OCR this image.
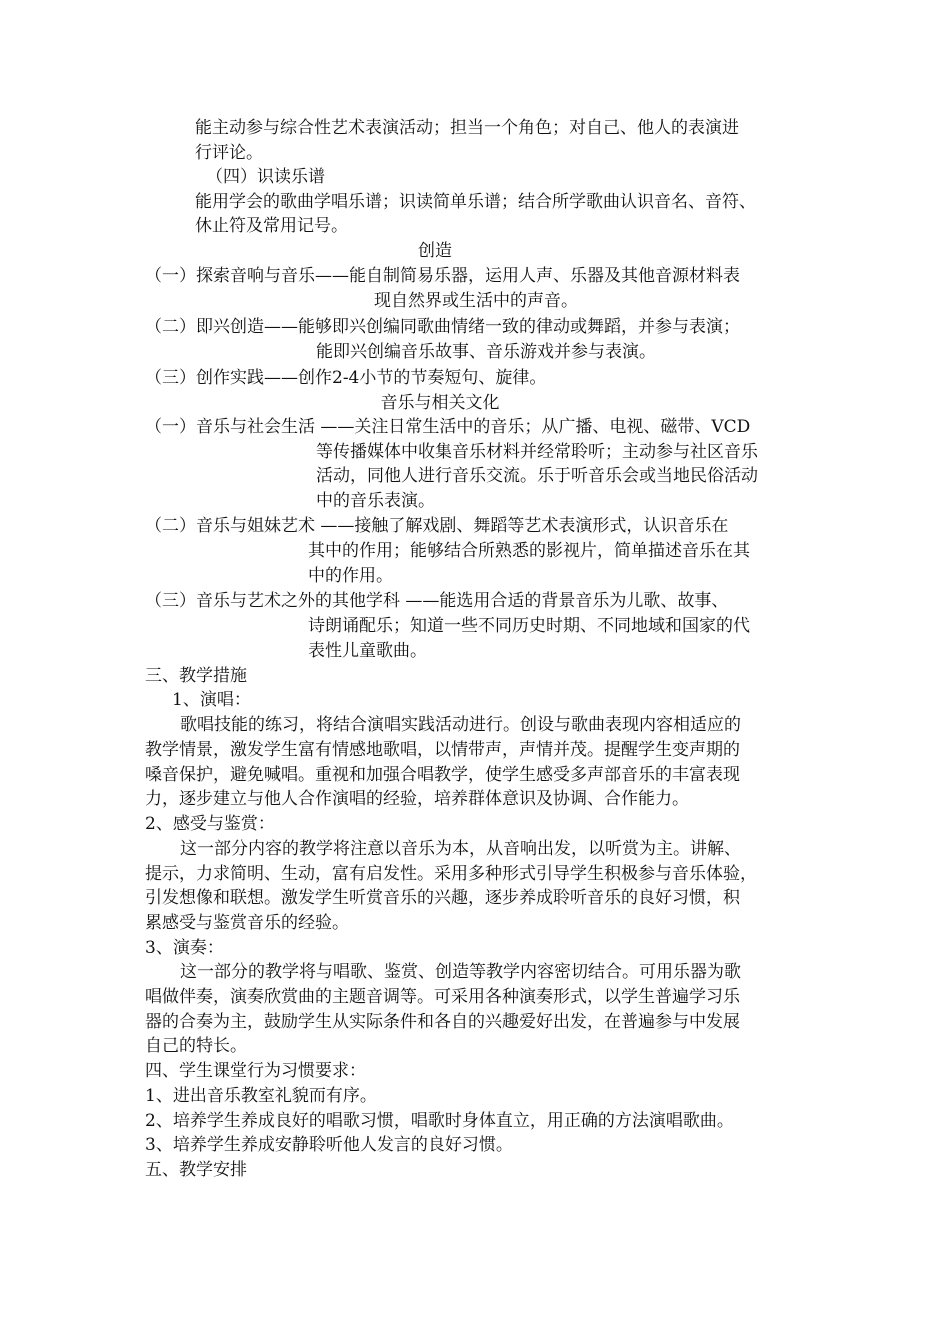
能主动参与综合性艺术表演活动；担当一个角色；对自己、他人的表演进
行评论。
（四）识读乐谱
能用学会的歌曲学唱乐谱；识读简单乐谱；结合所学歌曲认识音名、音符、
休止符及常用记号。
创造
（一）探索音响与音乐——能自制简易乐器，运用人声、乐器及其他音源材料表
现自然界或生活中的声音。
（二）即兴创造——能够即兴创编同歌曲情绪一致的律动或舞蹈，并参与表演；
能即兴创编音乐故事、音乐游戏并参与表演。
（三）创作实践——创作2-4小节的节奏短句、旋律。
音乐与相关文化
（一）音乐与社会生活 ——关注日常生活中的音乐；从广播、电视、磁带、VCD
等传播媒体中收集音乐材料并经常聆听；主动参与社区音乐
活动，同他人进行音乐交流。乐于听音乐会或当地民俗活动
中的音乐表演。
（二）音乐与姐妹艺术 ——接触了解戏剧、舞蹈等艺术表演形式，认识音乐在
其中的作用；能够结合所熟悉的影视片，简单描述音乐在其
中的作用。
（三）音乐与艺术之外的其他学科 ——能选用合适的背景音乐为儿歌、故事、
诗朗诵配乐；知道一些不同历史时期、不同地域和国家的代
表性儿童歌曲。
三、教学措施
1、演唱：
歌唱技能的练习，将结合演唱实践活动进行。创设与歌曲表现内容相适应的
教学情景，激发学生富有情感地歌唱，以情带声，声情并茂。提醒学生变声期的
嗓音保护，避免喊唱。重视和加强合唱教学，使学生感受多声部音乐的丰富表现
力，逐步建立与他人合作演唱的经验，培养群体意识及协调、合作能力。
2、感受与鉴赏：
这一部分内容的教学将注意以音乐为本，从音响出发，以听赏为主。讲解、
提示，力求简明、生动，富有启发性。采用多种形式引导学生积极参与音乐体验，
引发想像和联想。激发学生听赏音乐的兴趣，逐步养成聆听音乐的良好习惯，积
累感受与鉴赏音乐的经验。
3、演奏：
这一部分的教学将与唱歌、鉴赏、创造等教学内容密切结合。可用乐器为歌
唱做伴奏，演奏欣赏曲的主题音调等。可采用各种演奏形式，以学生普遍学习乐
器的合奏为主，鼓励学生从实际条件和各自的兴趣爱好出发，在普遍参与中发展
自己的特长。
四、学生课堂行为习惯要求：
1、进出音乐教室礼貌而有序。
2、培养学生养成良好的唱歌习惯，唱歌时身体直立，用正确的方法演唱歌曲。
3、培养学生养成安静聆听他人发言的良好习惯。
五、教学安排
